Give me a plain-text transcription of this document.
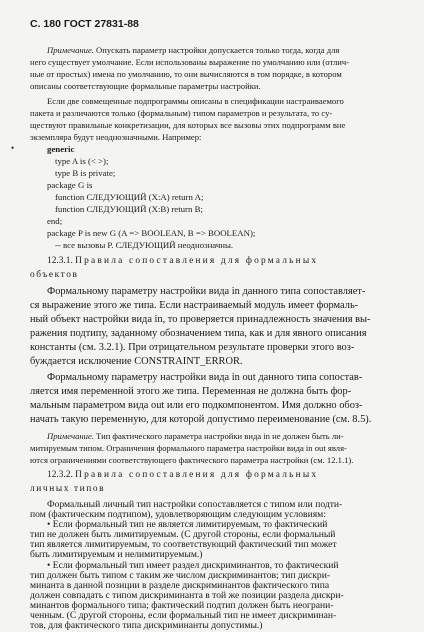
С. 180 ГОСТ 27831-88
Примечание. Опускать параметр настройки допускается только тогда, когда для
него существует умолчание. Если использованы выражение по умолчанию или (отлич-
ные от простых) имена по умолчанию, то они вычисляются в том порядке, в котором
описаны соответствующие формальные параметры настройки.
Если две совмещенные подпрограммы описаны в спецификации настраиваемого
пакета и различаются только (формальным) типом параметров и результата, то су-
ществуют правильные конкретизации, для которых все вызовы этих подпрограмм вне
экземпляра будут неоднозначными. Например:
•	generic
type A is (< >);
type B is private;
package G is
function СЛЕДУЮЩИЙ (X:A) return A;
function СЛЕДУЮЩИЙ (X:B) return B;
end;
package P is new G (A => BOOLEAN, B => BOOLEAN);
-- все вызовы Р. СЛЕДУЮЩИЙ неоднозначны.
12.3.1. Правила сопоставления для формальных
объектов
Формальному параметру настройки вида in данного типа сопоставляет-
ся выражение этого же типа. Если настраиваемый модуль имеет формаль-
ный объект настройки вида in, то проверяется принадлежность значения вы-
ражения подтипу, заданному обозначением типа, как и для явного описания
константы (см. 3.2.1). При отрицательном результате проверки этого воз-
буждается исключение CONSTRAINT_ERROR.
Формальному параметру настройки вида in out данного типа сопостав-
ляется имя переменной этого же типа. Переменная не должна быть фор-
мальным параметром вида out или его подкомпонентом. Имя должно обоз-
начать такую переменную, для которой допустимо переименование (см. 8.5).
Примечание. Тип фактического параметра настройки вида in не должен быть ли-
митируемым типом. Ограничения формального параметра настройки вида in out явля-
ются ограничениями соответствующего фактического параметра настройки (см. 12.1.1).
12.3.2. Правила сопоставления для формальных
личных типов
Формальный личный тип настройки сопоставляется с типом или подти-
пом (фактическим подтипом), удовлетворяющим следующим условиям:
• Если формальный тип не является лимитируемым, то фактический
тип не должен быть лимитируемым. (С другой стороны, если формальный
тип является лимитируемым, то соответствующий фактический тип может
быть лимитируемым и нелимитируемым.)
• Если формальный тип имеет раздел дискриминантов, то фактический
тип должен быть типом с таким же числом дискриминантов; тип дискри-
минанта в данной позиции в разделе дискриминантов фактического типа
должен совпадать с типом дискриминанта в той же позиции раздела дискри-
минантов формального типа; фактический подтип должен быть неограни-
ченным. (С другой стороны, если формальный тип не имеет дискриминан-
тов, для фактического типа дискриминанты допустимы.)
